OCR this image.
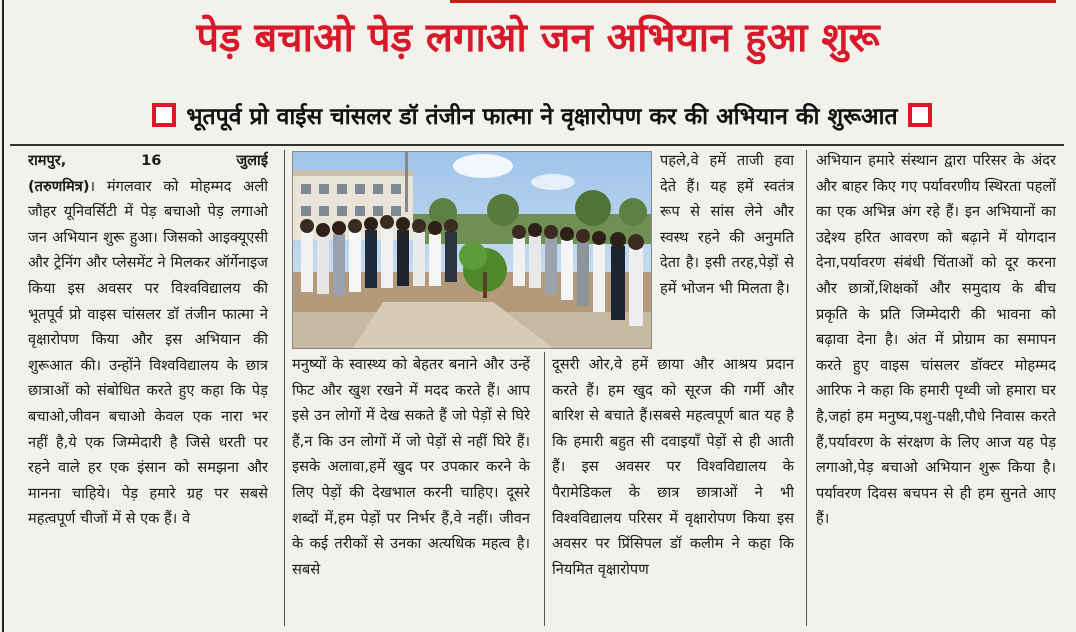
पेड़ बचाओ पेड़ लगाओ जन अभियान हुआ शुरू
भूतपूर्व प्रो वाईस चांसलर डॉ तंजीन फात्मा ने वृक्षारोपण कर की अभियान की शुरूआत
रामपुर,	16	जुलाई
(तरुणमित्र)। मंगलवार को मोहम्मद अली जौहर यूनिवर्सिटी में पेड़ बचाओ पेड़ लगाओ जन अभियान शुरू हुआ। जिसको आइक्यूएसी और ट्रेनिंग और प्लेसमेंट ने मिलकर ऑर्गेनाइज किया इस अवसर पर विश्वविद्यालय की भूतपूर्व प्रो वाइस चांसलर डॉ तंजीन फात्मा ने वृक्षारोपण किया और इस अभियान की शुरूआत की। उन्होंने विश्वविद्यालय के छात्र छात्राओं को संबोधित करते हुए कहा कि पेड़ बचाओ,जीवन बचाओ केवल एक नारा भर नहीं है,ये एक जिम्मेदारी है जिसे धरती पर रहने वाले हर एक इंसान को समझना और मानना चाहिये। पेड़ हमारे ग्रह पर सबसे महत्वपूर्ण चीजों में से एक हैं। वे
मनुष्यों के स्वास्थ्य को बेहतर बनाने और उन्हें फिट और खुश रखने में मदद करते हैं। आप इसे उन लोगों में देख सकते हैं जो पेड़ों से घिरे हैं,न कि उन लोगों में जो पेड़ों से नहीं घिरे हैं। इसके अलावा,हमें खुद पर उपकार करने के लिए पेड़ों की देखभाल करनी चाहिए। दूसरे शब्दों में,हम पेड़ों पर निर्भर हैं,वे नहीं। जीवन के कई तरीकों से उनका अत्यधिक महत्व है। सबसे
पहले,वे हमें ताजी हवा देते हैं। यह हमें स्वतंत्र रूप से सांस लेने और स्वस्थ रहने की अनुमति देता है। इसी तरह,पेड़ों से हमें भोजन भी मिलता है।
दूसरी ओर,वे हमें छाया और आश्रय प्रदान करते हैं। हम खुद को सूरज की गर्मी और बारिश से बचाते हैं।सबसे महत्वपूर्ण बात यह है कि हमारी बहुत सी दवाइयाँ पेड़ों से ही आती हैं। इस अवसर पर विश्वविद्यालय के पैरामेडिकल के छात्र छात्राओं ने भी विश्वविद्यालय परिसर में वृक्षारोपण किया इस अवसर पर प्रिंसिपल डॉ कलीम ने कहा कि नियमित वृक्षारोपण
अभियान हमारे संस्थान द्वारा परिसर के अंदर और बाहर किए गए पर्यावरणीय स्थिरता पहलों का एक अभिन्न अंग रहे हैं। इन अभियानों का उद्देश्य हरित आवरण को बढ़ाने में योगदान देना,पर्यावरण संबंधी चिंताओं को दूर करना और छात्रों,शिक्षकों और समुदाय के बीच प्रकृति के प्रति जिम्मेदारी की भावना को बढ़ावा देना है। अंत में प्रोग्राम का समापन करते हुए वाइस चांसलर डॉक्टर मोहम्मद आरिफ ने कहा कि हमारी पृथ्वी जो हमारा घर है,जहां हम मनुष्य,पशु-पक्षी,पौधे निवास करते हैं,पर्यावरण के संरक्षण के लिए आज यह पेड़ लगाओ,पेड़ बचाओ अभियान शुरू किया है। पर्यावरण दिवस बचपन से ही हम सुनते आए हैं।
